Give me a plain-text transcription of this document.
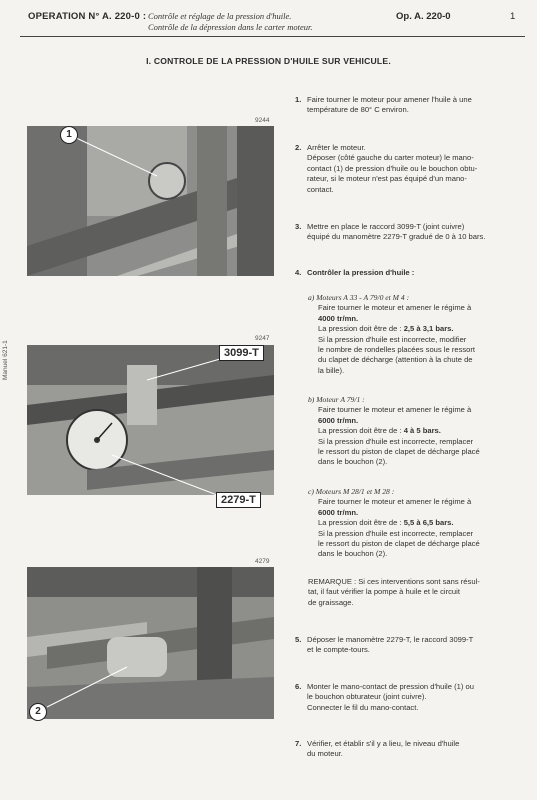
OPERATION N° A. 220-0 : Contrôle et réglage de la pression d'huile.
Contrôle de la dépression dans le carter moteur.
Op. A. 220-0	1
I. CONTROLE DE LA PRESSION D'HUILE SUR VEHICULE.
Manuel 621-1
9244
1
9247
3099-T
2279-T
4279
2
1. Faire tourner le moteur pour amener l'huile à une
température de 80° C environ.
2. Arrêter le moteur.
Déposer (côté gauche du carter moteur) le mano-
contact (1) de pression d'huile ou le bouchon obtu-
rateur, si le moteur n'est pas équipé d'un mano-
contact.
3. Mettre en place le raccord 3099-T (joint cuivre)
équipé du manomètre 2279-T gradué de 0 à 10 bars.
4. Contrôler la pression d'huile :
a) Moteurs A 33 - A 79/0 et M 4 :
Faire tourner le moteur et amener le régime à
4000 tr/mn.
La pression doit être de : 2,5 à 3,1 bars.
Si la pression d'huile est incorrecte, modifier
le nombre de rondelles placées sous le ressort
du clapet de décharge (attention à la chute de
la bille).
b) Moteur A 79/1 :
Faire tourner le moteur et amener le régime à
6000 tr/mn.
La pression doit être de : 4 à 5 bars.
Si la pression d'huile est incorrecte, remplacer
le ressort du piston de clapet de décharge placé
dans le bouchon (2).
c) Moteurs M 28/1 et M 28 :
Faire tourner le moteur et amener le régime à
6000 tr/mn.
La pression doit être de : 5,5 à 6,5 bars.
Si la pression d'huile est incorrecte, remplacer
le ressort du piston de clapet de décharge placé
dans le bouchon (2).
REMARQUE : Si ces interventions sont sans résul-
tat, il faut vérifier la pompe à huile et le circuit
de graissage.
5. Déposer le manomètre 2279-T, le raccord 3099-T
et le compte-tours.
6. Monter le mano-contact de pression d'huile (1) ou
le bouchon obturateur (joint cuivre).
Connecter le fil du mano-contact.
7. Vérifier, et établir s'il y a lieu, le niveau d'huile
du moteur.
